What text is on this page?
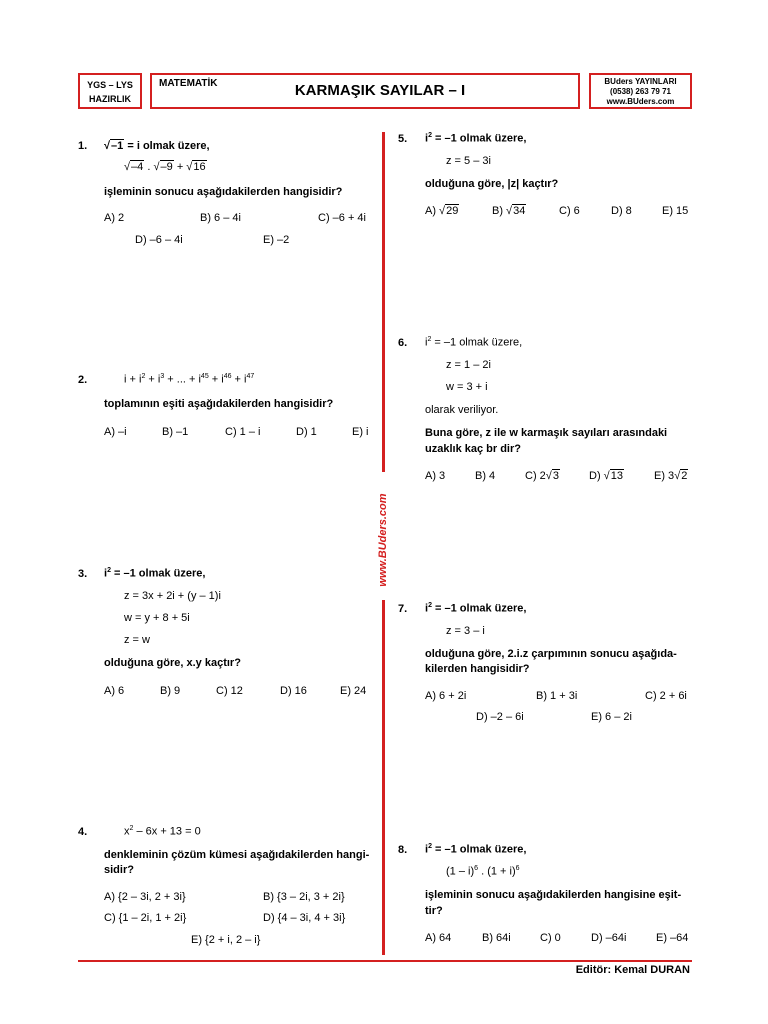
YGS – LYS
HAZIRLIK
MATEMATİK	KARMAŞIK SAYILAR – I
BUders YAYINLARI
(0538) 263 79 71
www.BUders.com
www.BUders.com
1. √–1 = i olmak üzere,
√–4 . √–9 + √16
işleminin sonucu aşağıdakilerden hangisidir?
A) 2	B) 6 – 4i	C) –6 + 4i
D) –6 – 4i	E) –2
2.	$i + i^2 + i^3$ + ... + $i^{45} + i^{46} + i^{47}$
toplamının eşiti aşağıdakilerden hangisidir?
A) –i	B) –1	C) 1 – i	D) 1	E) i
3. $i^2 = -1$ olmak üzere,
z = 3x + 2i + (y – 1)i
w = y + 8 + 5i
z = w
olduğuna göre, x.y kaçtır?
A) 6	B) 9	C) 12	D) 16	E) 24
4.	$x^2 - 6x + 13 = 0$
denkleminin çözüm kümesi aşağıdakilerden hangi-
sidir?
A) {2 – 3i, 2 + 3i}	B) {3 – 2i, 3 + 2i}
C) {1 – 2i, 1 + 2i}	D) {4 – 3i, 4 + 3i}
E) {2 + i, 2 – i}
5. $i^2 = -1$ olmak üzere,
z = 5 – 3i
olduğuna göre, |z| kaçtır?
A) √29	B) √34	C) 6	D) 8	E) 15
6. $i^2 = -1$ olmak üzere,
z = 1 – 2i
w = 3 + i
olarak veriliyor.
Buna göre, z ile w karmaşık sayıları arasındaki
uzaklık kaç br dir?
A) 3	B) 4	C) 2√3	D) √13	E) 3√2
7. $i^2 = -1$ olmak üzere,
z = 3 – i
olduğuna göre, 2.i.z çarpımının sonucu aşağıda-
kilerden hangisidir?
A) 6 + 2i	B) 1 + 3i	C) 2 + 6i
D) –2 – 6i	E) 6 – 2i
8. $i^2 = -1$ olmak üzere,
(1 – i)$^6$ . $(1 + i)^6$
işleminin sonucu aşağıdakilerden hangisine eşit-
tir?
A) 64	B) 64i	C) 0	D) –64i	E) –64
Editör: Kemal DURAN
